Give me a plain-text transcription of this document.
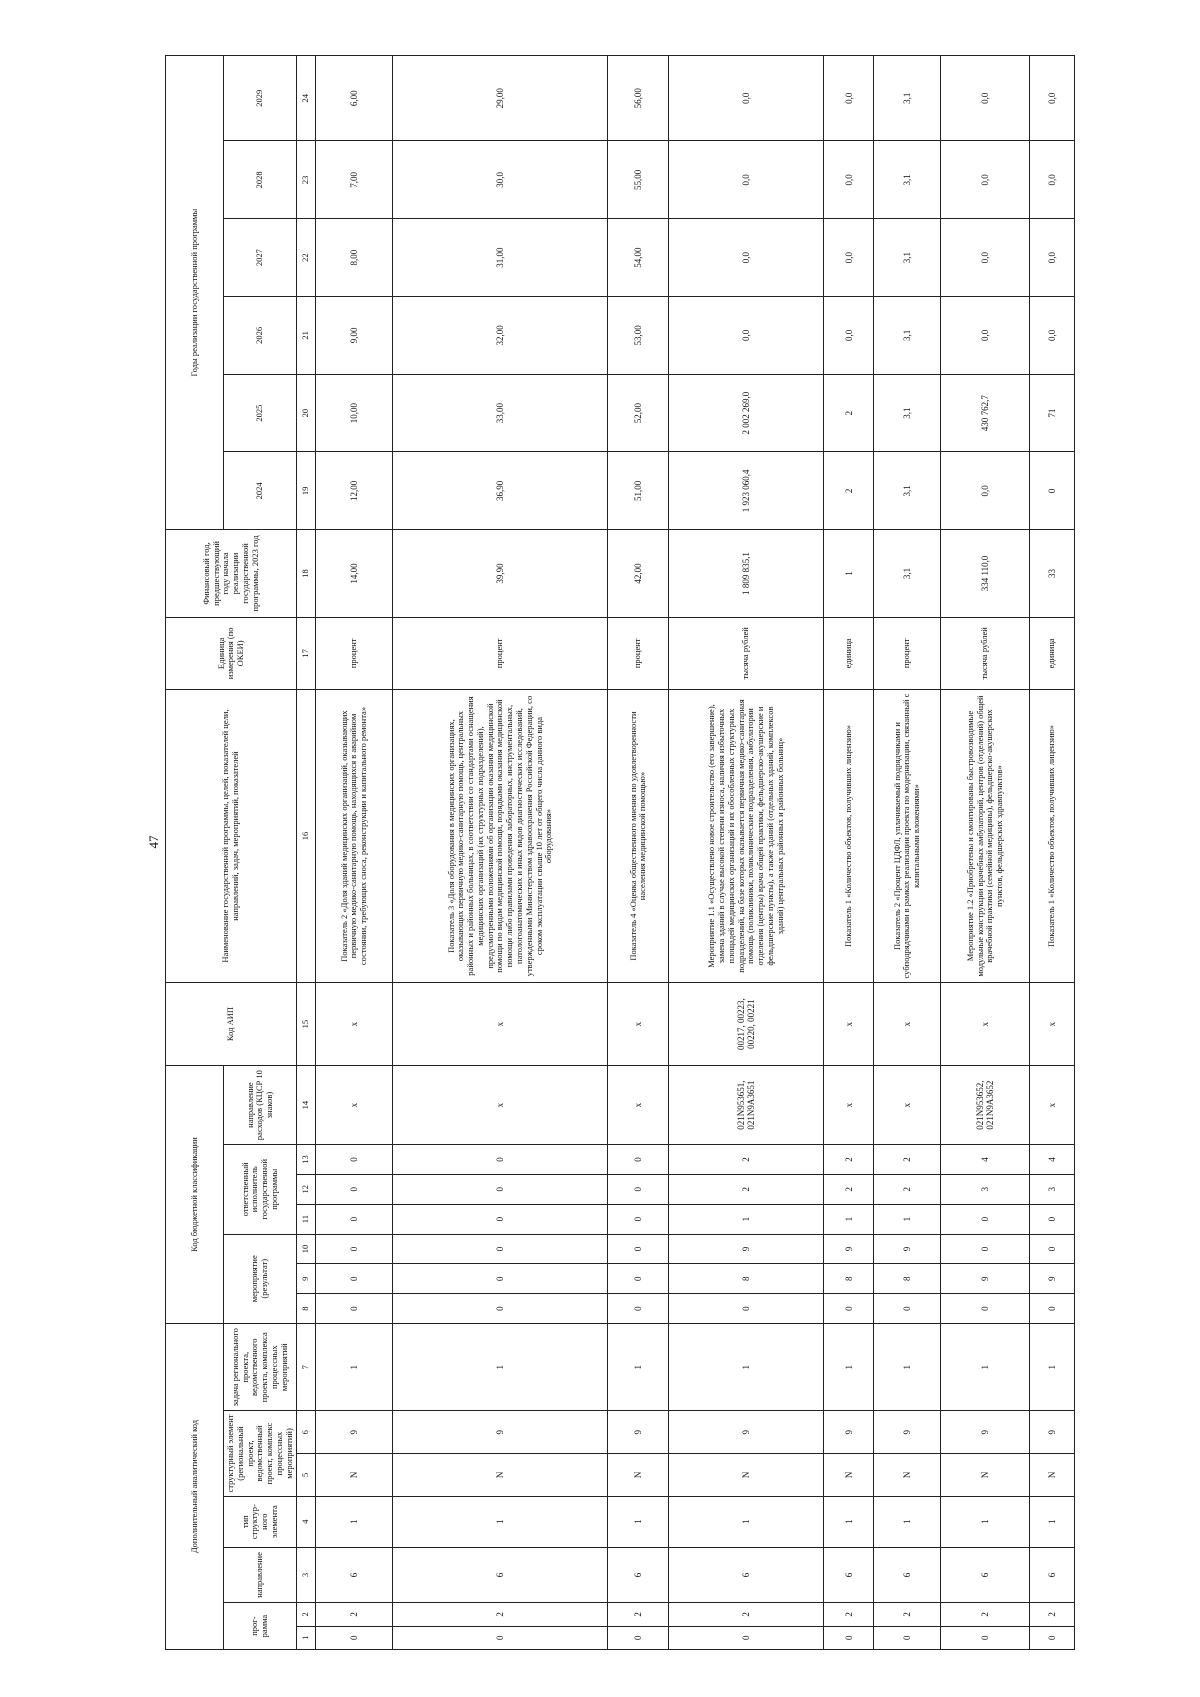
47
Дополнительный аналитический код							Код бюджетной классификации							Код АИП	Наименование государственной программы, целей, показателей цели, направлений, задач, мероприятий, показателей	Единица измерения (по ОКЕИ)	Финансовый год, предшествующий году начала реализации государственной программы, 2023 год	Годы реализации государственной программы					
прог-рамма		направление	тип структур-ного элемента	структурный элемент (региональный проект, ведомственный проект, комплекс процессных мероприятий)		задача регионального проекта, ведомственного проекта, комплекса процессных мероприятий	мероприятие (результат)			ответственный исполнитель государственной программы			направление расходов (КЦСР 10 знаков)					2024	2025	2026	2027	2028	2029
1	2	3	4	5	6	7	8	9	10	11	12	13	14	15	16	17	18	19	20	21	22	23	24
0	2	6	1	N	9	1	0	0	0	0	0	0	х	х	Показатель 2 «Доля зданий медицинских организаций, оказывающих первичную медико-санитарную помощь, находящихся в аварийном состоянии, требующих сноса, реконструкции и капитального ремонта»	процент	14,00	12,00	10,00	9,00	8,00	7,00	6,00
0	2	6	1	N	9	1	0	0	0	0	0	0	х	х	Показатель 3 «Доля оборудования в медицинских организациях, оказывающих первичную медико-санитарную помощь, центральных районных и районных больницах, в соответствии со стандартами оснащения медицинских организаций (их структурных подразделений), предусмотренными положениями об организации оказания медицинской помощи по видам медицинской помощи, порядками оказания медицинской помощи либо правилами проведения лабораторных, инструментальных, патологоанатомических и иных видов диагностических исследований, утвержденными Министерством здравоохранения Российской Федерации, со сроком эксплуатации свыше 10 лет от общего числа данного вида оборудования»	процент	39,90	36,90	33,00	32,00	31,00	30,0	29,00
0	2	6	1	N	9	1	0	0	0	0	0	0	х	х	Показатель 4 «Оценка общественного мнения по удовлетворенности населения медицинской помощью»	процент	42,00	51,00	52,00	53,00	54,00	55,00	56,00
0	2	6	1	N	9	1	0	8	9	1	2	2	021N953651, 021N9A3651	00217, 00223, 00220, 00221	Мероприятие 1.1 «Осуществлено новое строительство (его завершение), замена зданий в случае высокой степени износа, наличия избыточных площадей медицинских организаций и их обособленных структурных подразделений, на базе которых оказывается первичная медико-санитарная помощь (поликлиники, поликлинические подразделения, амбулатории отделения (центры) врача общей практики, фельдшерско-акушерские и фельдшерские пункты), а также зданий (отдельных зданий, комплексов зданий) центральных районных и районных больниц»	тысяча рублей	1 809 835,1	1 923 060,4	2 002 269,0	0,0	0,0	0,0	0,0
0	2	6	1	N	9	1	0	8	9	1	2	2	х	х	Показатель 1 «Количество объектов, получивших лицензию»	единица	1	2	2	0,0	0,0	0,0	0,0
0	2	6	1	N	9	1	0	8	9	1	2	2	х	х	Показатель 2 «Процент ЦДФЛ, уплачиваемый подрядчиками и субподрядчиками в рамках реализации проекта по модернизации, связанный с капитальными вложениями»	процент	3,1	3,1	3,1	3,1	3,1	3,1	3,1
0	2	6	1	N	9	1	0	9	0	0	3	4	021N953652, 021N9A3652	х	Мероприятие 1.2 «Приобретены и смонтированы быстровозводимые модульные конструкции врачебных амбулаторий, центров (отделений) общей врачебной практики (семейной медицины), фельдшерско-акушерских пунктов, фельдшерских здравпунктов»	тысяча рублей	334 110,0	0,0	430 762,7	0,0	0,0	0,0	0,0
0	2	6	1	N	9	1	0	9	0	0	3	4	х	х	Показатель 1 «Количество объектов, получивших лицензию»	единица	33	0	71	0,0	0,0	0,0	0,0
